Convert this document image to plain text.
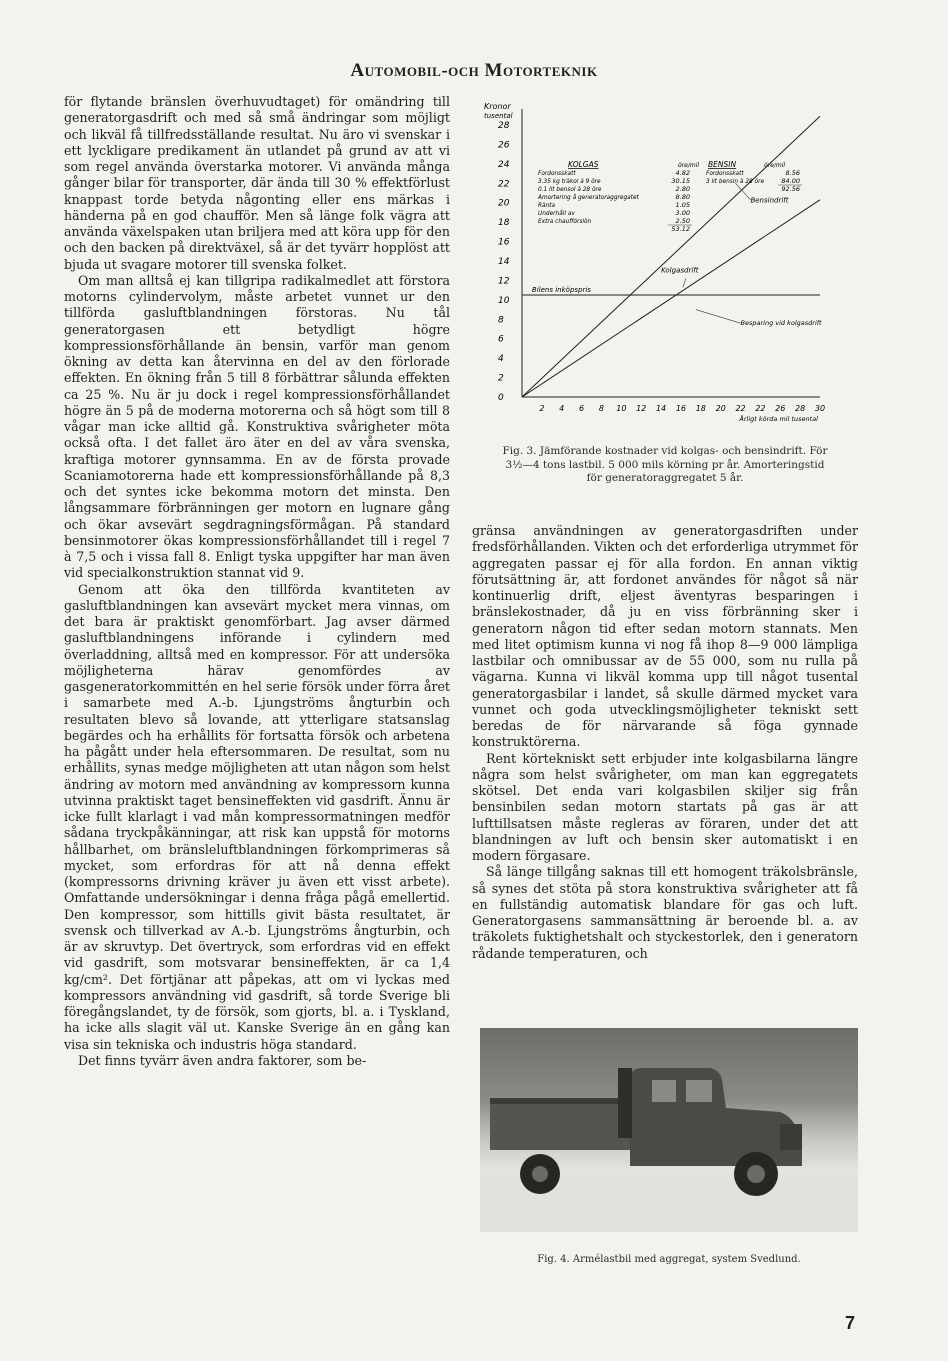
Automobil-och Motorteknik

för flytande bränslen överhuvudtaget) för omändring till generatorgasdrift och med så små ändringar som möjligt och likväl få tillfredsställande resultat. Nu äro vi svenskar i ett lyckligare predikament än utlandet på grund av att vi som regel använda överstarka motorer. Vi använda många gånger bilar för transporter, där ända till 30 % effektförlust knappast torde betyda någonting eller ens märkas i händerna på en god chaufför. Men så länge folk vägra att använda växelspaken utan briljera med att köra upp för den och den backen på direktväxel, så är det tyvärr hopplöst att bjuda ut svagare motorer till svenska folket.

Om man alltså ej kan tillgripa radikalmedlet att förstora motorns cylindervolym, måste arbetet vunnet ur den tillförda gasluftblandningen förstoras. Nu tål generatorgasen ett betydligt högre kompressionsförhållande än bensin, varför man genom ökning av detta kan återvinna en del av den förlorade effekten. En ökning från 5 till 8 förbättrar sålunda effekten ca 25 %. Nu är ju dock i regel kompressionsförhållandet högre än 5 på de moderna motorerna och så högt som till 8 vågar man icke alltid gå. Konstruktiva svårigheter möta också ofta. I det fallet äro äter en del av våra svenska, kraftiga motorer gynnsamma. En av de första provade Scaniamotorerna hade ett kompressionsförhållande på 8,3 och det syntes icke bekomma motorn det minsta. Den långsammare förbränningen ger motorn en lugnare gång och ökar avsevärt segdragningsförmågan. På standard bensinmotorer ökas kompressionsförhållandet till i regel 7 à 7,5 och i vissa fall 8. Enligt tyska uppgifter har man även vid specialkonstruktion stannat vid 9.

Genom att öka den tillförda kvantiteten av gasluftblandningen kan avsevärt mycket mera vinnas, om det bara är praktiskt genomförbart. Jag avser därmed gasluftblandningens införande i cylindern med överladdning, alltså med en kompressor. För att undersöka möjligheterna härav genomfördes av gasgeneratorkommittén en hel serie försök under förra året i samarbete med A.-b. Ljungströms ångturbin och resultaten blevo så lovande, att ytterligare statsanslag begärdes och ha erhållits för fortsatta försök och arbetena ha pågått under hela eftersommaren. De resultat, som nu erhållits, synas medge möjligheten att utan någon som helst ändring av motorn med användning av kompressorn kunna utvinna praktiskt taget bensineffekten vid gasdrift. Ännu är icke fullt klarlagt i vad mån kompressormatningen medför sådana tryckpåkänningar, att risk kan uppstå för motorns hållbarhet, om bränsleluftblandningen förkomprimeras så mycket, som erfordras för att nå denna effekt (kompressorns drivning kräver ju även ett visst arbete). Omfattande undersökningar i denna fråga pågå emellertid. Den kompressor, som hittills givit bästa resultatet, är svensk och tillverkad av A.-b. Ljungströms ångturbin, och är av skruvtyp. Det övertryck, som erfordras vid en effekt vid gasdrift, som motsvarar bensineffekten, är ca 1,4 kg/cm². Det förtjänar att påpekas, att om vi lyckas med kompressors användning vid gasdrift, så torde Sverige bli föregångslandet, ty de försök, som gjorts, bl. a. i Tyskland, ha icke alls slagit väl ut. Kanske Sverige än en gång kan visa sin tekniska och industris höga standard.

Det finns tyvärr även andra faktorer, som be-

Kronor
tusental
28
26
24
22
20
18
16
14
12
10
8
6
4
2
0
2 4 6 8 10 12 14 16 18 20 22 22 26 28 30
Årligt körda mil tusental
Bensindrift
Kolgasdrift
Besparing vid kolgasdrift
Bilens inköpspris
KOLGAS	öre/mil BENSIN	öre/mil
Fordonsskatt	4.82
3.35 kg träkol à 9 öre	30.15
0.1 lit bensol à 28 öre	2.80
Amortering å generatoraggregatet	8.80
Ränta	1.05
Underhåll av	3.00
Extra chaufförslön	2.50
53.12
Fordonsskatt	8.56
3 lit bensin à 28 öre	84.00
92.56
Fig. 3. Jämförande kostnader vid kolgas- och bensindrift. För 3½—4 tons lastbil. 5 000 mils körning pr år. Amorteringstid för generatoraggregatet 5 år.

gränsa användningen av generatorgasdriften under fredsförhållanden. Vikten och det erforderliga utrymmet för aggregaten passar ej för alla fordon. En annan viktig förutsättning är, att fordonet användes för något så när kontinuerlig drift, eljest äventyras besparingen i bränslekostnader, då ju en viss förbränning sker i generatorn någon tid efter sedan motorn stannats. Men med litet optimism kunna vi nog få ihop 8—9 000 lämpliga lastbilar och omnibussar av de 55 000, som nu rulla på vägarna. Kunna vi likväl komma upp till något tusental generatorgasbilar i landet, så skulle därmed mycket vara vunnet och goda utvecklingsmöjligheter tekniskt sett beredas de för närvarande så föga gynnade konstruktörerna.

Rent körtekniskt sett erbjuder inte kolgasbilarna längre några som helst svårigheter, om man kan eggregatets skötsel. Det enda vari kolgasbilen skiljer sig från bensinbilen sedan motorn startats på gas är att lufttillsatsen måste regleras av föraren, under det att blandningen av luft och bensin sker automatiskt i en modern förgasare.

Så länge tillgång saknas till ett homogent träkolsbränsle, så synes det stöta på stora konstruktiva svårigheter att få en fullständig automatisk blandare för gas och luft. Generatorgasens sammansättning är beroende bl. a. av träkolets fuktighetshalt och styckestorlek, den i generatorn rådande temperaturen, och

Fig. 4. Armélastbil med aggregat, system Svedlund.
7
